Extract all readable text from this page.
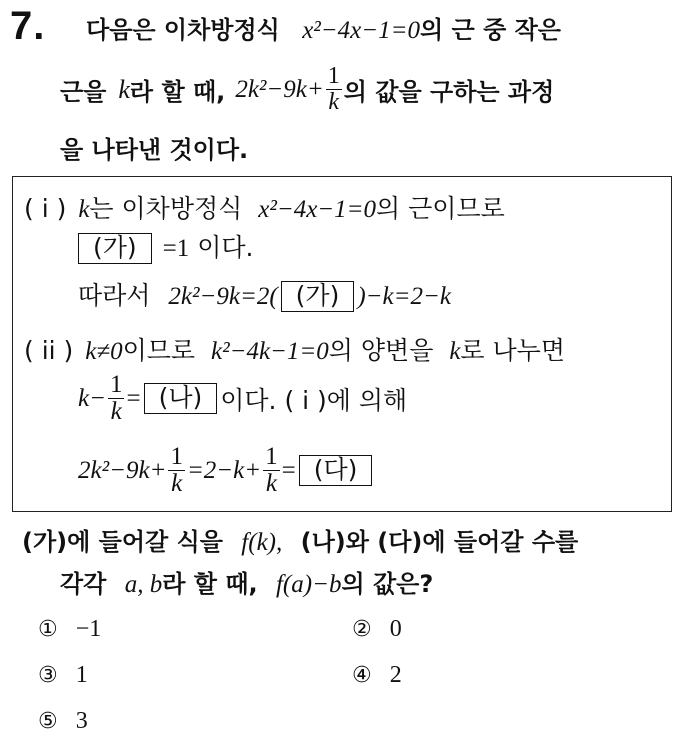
7. 다음은 이차방정식 x²−4x−1=0의 근 중 작은
근을 k 라 할 때, $2k^2-9k+ \frac{1}{k}$ 의 값을 구하는 과정
을 나타낸 것이다.
( i ) k는 이차방정식 x²−4x−1=0의 근이므로
(가) =1 이다.
따라서 2k²−9k=2( (가) )−k=2−k
( ii ) k≠0이므로 k²−4k−1=0의 양변을 k로 나누면
$k- \frac{1}{k}$ = (나) 이다. ( i )에 의해
$2k^2-9k+ \frac{1}{k} =2-k+ \frac{1}{k}$ = (다)
(가)에 들어갈 식을 f(k), (나)와 (다)에 들어갈 수를
각각 a, b라 할 때, f(a)−b의 값은?
① −1	② 0
③ 1	④ 2
⑤ 3
